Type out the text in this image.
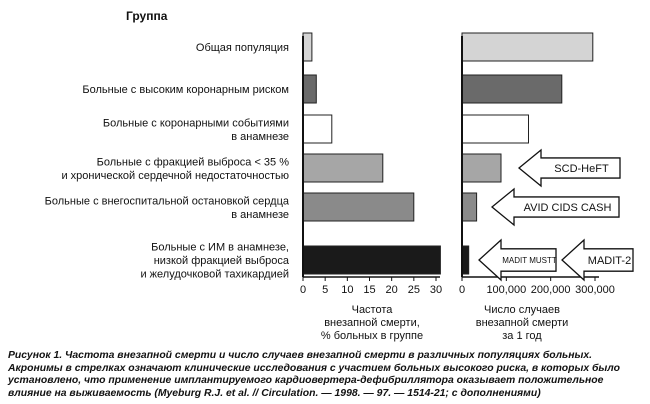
Группа
Общая популяция
Больные с высоким коронарным риском
Больные с коронарными событиями
в анамнезе
Больные с фракцией выброса < 35 %
и хронической сердечной недостаточностью
Больные с внегоспитальной остановкой сердца
в анамнезе
Больные с ИМ в анамнезе,
низкой фракцией выброса
и желудочковой тахикардией
0 5 10 15 20 25 30
Частота
внезапной смерти,
% больных в группе
0 100,000 200,000 300,000
Число случаев
внезапной смерти
за 1 год
SCD-HeFT
AVID CIDS CASH
MADIT MUSTT	MADIT-2
Рисунок 1. Частота внезапной смерти и число случаев внезапной смерти в различных популяциях больных. Акронимы в стрелках означают клинические исследования с участием больных высокого риска, в которых было установлено, что применение имплантируемого кардиовертера-дефибриллятора оказывает положительное влияние на выживаемость (Myeburg R.J. et al. // Circulation. — 1998. — 97. — 1514-21; с дополнениями)
